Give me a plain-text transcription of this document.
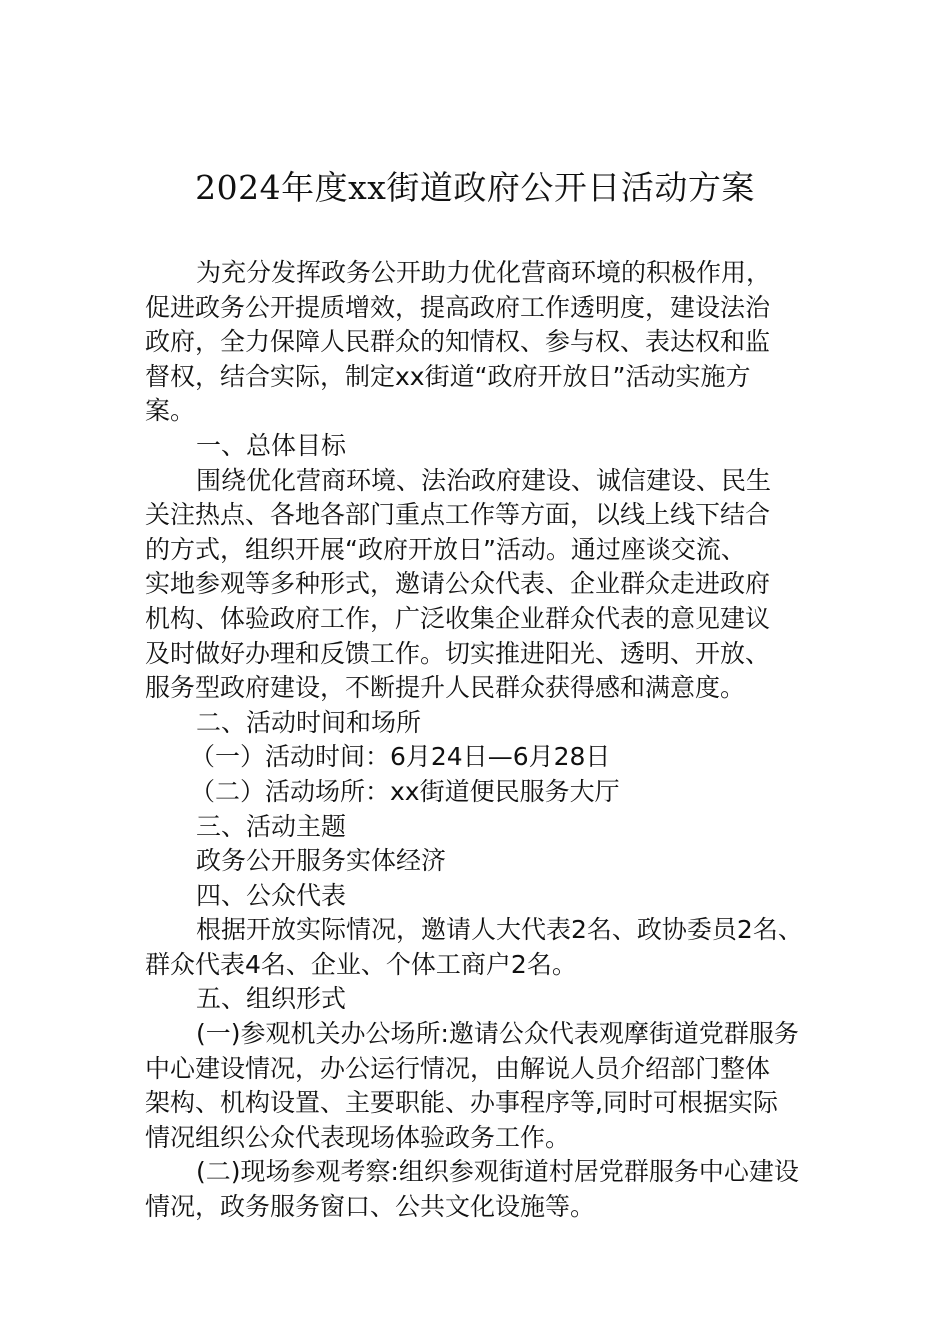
2024年度xx街道政府公开日活动方案
为充分发挥政务公开助力优化营商环境的积极作用，
促进政务公开提质增效，提高政府工作透明度，建设法治
政府，全力保障人民群众的知情权、参与权、表达权和监
督权，结合实际，制定xx街道“政府开放日”活动实施方
案。
一、总体目标
围绕优化营商环境、法治政府建设、诚信建设、民生
关注热点、各地各部门重点工作等方面，以线上线下结合
的方式，组织开展“政府开放日”活动。通过座谈交流、
实地参观等多种形式，邀请公众代表、企业群众走进政府
机构、体验政府工作，广泛收集企业群众代表的意见建议
及时做好办理和反馈工作。切实推进阳光、透明、开放、
服务型政府建设，不断提升人民群众获得感和满意度。
二、活动时间和场所
（一）活动时间：6月24日—6月28日
（二）活动场所：xx街道便民服务大厅
三、活动主题
政务公开服务实体经济
四、公众代表
根据开放实际情况，邀请人大代表2名、政协委员2名、
群众代表4名、企业、个体工商户2名。
五、组织形式
(一)参观机关办公场所:邀请公众代表观摩街道党群服务
中心建设情况，办公运行情况，由解说人员介绍部门整体
架构、机构设置、主要职能、办事程序等,同时可根据实际
情况组织公众代表现场体验政务工作。
(二)现场参观考察:组织参观街道村居党群服务中心建设
情况，政务服务窗口、公共文化设施等。
